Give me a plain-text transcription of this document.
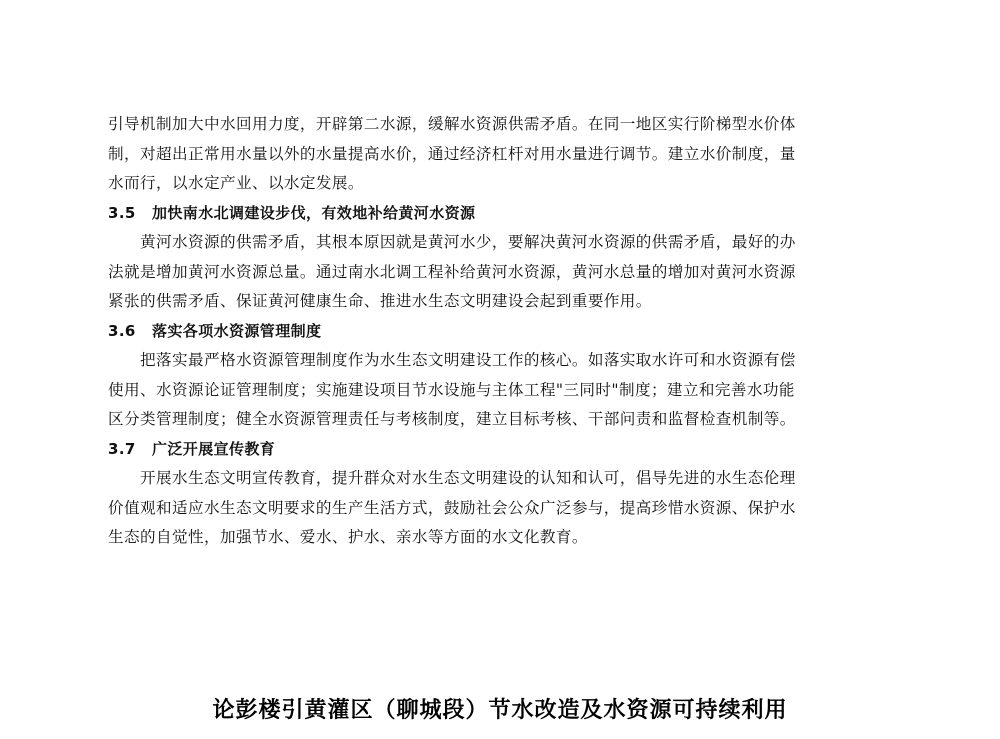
引导机制加大中水回用力度，开辟第二水源，缓解水资源供需矛盾。在同一地区实行阶梯型水价体
制，对超出正常用水量以外的水量提高水价，通过经济杠杆对用水量进行调节。建立水价制度，量
水而行，以水定产业、以水定发展。
3.5 加快南水北调建设步伐，有效地补给黄河水资源
黄河水资源的供需矛盾，其根本原因就是黄河水少，要解决黄河水资源的供需矛盾，最好的办
法就是增加黄河水资源总量。通过南水北调工程补给黄河水资源，黄河水总量的增加对黄河水资源
紧张的供需矛盾、保证黄河健康生命、推进水生态文明建设会起到重要作用。
3.6 落实各项水资源管理制度
把落实最严格水资源管理制度作为水生态文明建设工作的核心。如落实取水许可和水资源有偿
使用、水资源论证管理制度；实施建设项目节水设施与主体工程"三同时"制度；建立和完善水功能
区分类管理制度；健全水资源管理责任与考核制度，建立目标考核、干部问责和监督检查机制等。
3.7 广泛开展宣传教育
开展水生态文明宣传教育，提升群众对水生态文明建设的认知和认可，倡导先进的水生态伦理
价值观和适应水生态文明要求的生产生活方式，鼓励社会公众广泛参与，提高珍惜水资源、保护水
生态的自觉性，加强节水、爱水、护水、亲水等方面的水文化教育。
论彭楼引黄灌区（聊城段）节水改造及水资源可持续利用
